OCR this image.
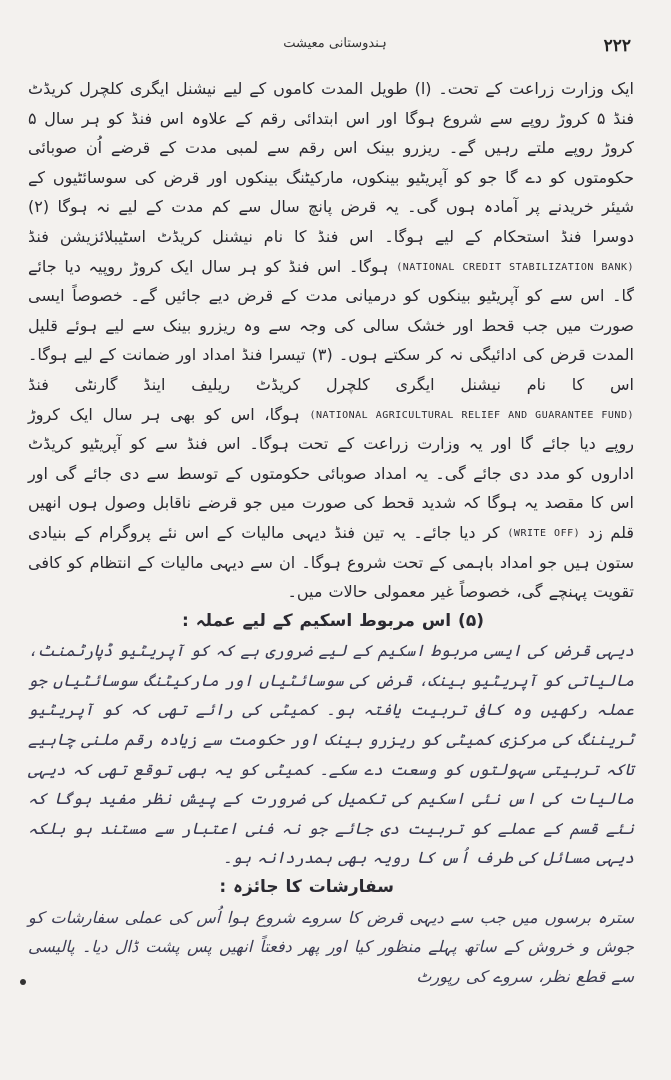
ہندوستانی معیشت	۲۲۲

ایک وزارت زراعت کے تحت۔ (ا) طویل المدت کاموں کے لیے نیشنل ایگری کلچرل کریڈٹ فنڈ ۵ کروڑ روپے سے شروع ہوگا اور اس ابتدائی رقم کے علاوہ اس فنڈ کو ہر سال ۵ کروڑ روپے ملتے رہیں گے۔ ریزرو بینک اس رقم سے لمبی مدت کے قرضے اُن صوبائی حکومتوں کو دے گا جو کو آپریٹیو بینکوں، مارکیٹنگ بینکوں اور قرض کی سوسائٹیوں کے شیئر خریدنے پر آمادہ ہوں گی۔ یہ قرض پانچ سال سے کم مدت کے لیے نہ ہوگا (۲) دوسرا فنڈ استحکام کے لیے ہوگا۔ اس فنڈ کا نام نیشنل کریڈٹ اسٹیبلائزیشن فنڈ (NATIONAL CREDIT STABILIZATION BANK) ہوگا۔ اس فنڈ کو ہر سال ایک کروڑ روپیہ دیا جائے گا۔ اس سے کو آپریٹیو بینکوں کو درمیانی مدت کے قرض دیے جائیں گے۔ خصوصاً ایسی صورت میں جب قحط اور خشک سالی کی وجہ سے وہ ریزرو بینک سے لیے ہوئے قلیل المدت قرض کی ادائیگی نہ کر سکتے ہوں۔ (۳) تیسرا فنڈ امداد اور ضمانت کے لیے ہوگا۔ اس کا نام نیشنل ایگری کلچرل کریڈٹ ریلیف اینڈ گارنٹی فنڈ (NATIONAL AGRICULTURAL RELIEF AND GUARANTEE FUND) ہوگا، اس کو بھی ہر سال ایک کروڑ روپے دیا جائے گا اور یہ وزارت زراعت کے تحت ہوگا۔ اس فنڈ سے کو آپریٹیو کریڈٹ اداروں کو مدد دی جائے گی۔ یہ امداد صوبائی حکومتوں کے توسط سے دی جائے گی اور اس کا مقصد یہ ہوگا کہ شدید قحط کی صورت میں جو قرضے ناقابل وصول ہوں انھیں قلم زد (WRITE OFF) کر دیا جائے۔ یہ تین فنڈ دیہی مالیات کے اس نئے پروگرام کے بنیادی ستون ہیں جو امداد باہمی کے تحت شروع ہوگا۔ ان سے دیہی مالیات کے انتظام کو کافی تقویت پہنچے گی، خصوصاً غیر معمولی حالات میں۔

(۵) اس مربوط اسکیم کے لیے عملہ :

دیہی قرض کی ایسی مربوط اسکیم کے لیے ضروری ہے کہ کو آپریٹیو ڈپارٹمنٹ، مالیاتی کو آپریٹیو بینک، قرض کی سوسائٹیاں اور مارکیٹنگ سوسائٹیاں جو عملہ رکھیں وہ کافی تربیت یافتہ ہو۔ کمیٹی کی رائے تھی کہ کو آپریٹیو ٹریننگ کی مرکزی کمیٹی کو ریزرو بینک اور حکومت سے زیادہ رقم ملنی چاہیے تاکہ تربیتی سہولتوں کو وسعت دے سکے۔ کمیٹی کو یہ بھی توقع تھی کہ دیہی مالیات کی اس نئی اسکیم کی تکمیل کی ضرورت کے پیش نظر مفید ہوگا کہ نئے قسم کے عملے کو تربیت دی جائے جو نہ فنی اعتبار سے مستند ہو بلکہ دیہی مسائل کی طرف اُس کا رویہ بھی ہمدردانہ ہو۔

سفارشات کا جائزہ :

سترہ برسوں میں جب سے دیہی قرض کا سروے شروع ہوا اُس کی عملی سفارشات کو جوش و خروش کے ساتھ پہلے منظور کیا اور پھر دفعتاً انھیں پس پشت ڈال دیا۔ پالیسی سے قطع نظر، سروے کی رپورٹ
